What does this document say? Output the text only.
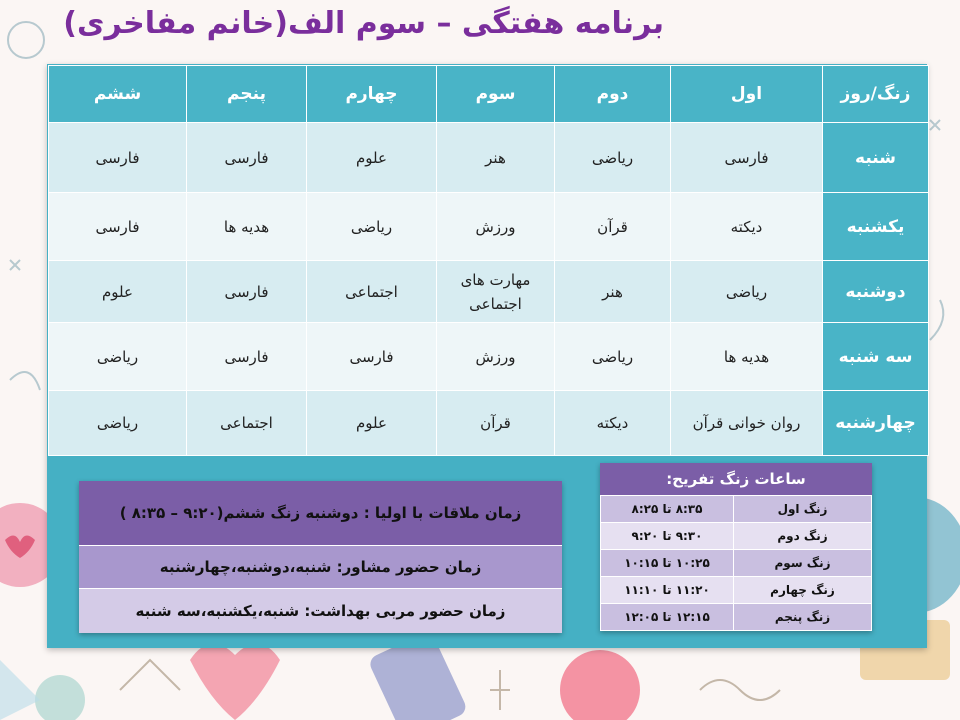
برنامه هفتگی – سوم الف(خانم مفاخری)
زنگ/روز	اول	دوم	سوم	چهارم	پنجم	ششم
شنبه	فارسی	ریاضی	هنر	علوم	فارسی	فارسی
یکشنبه	دیکته	قرآن	ورزش	ریاضی	هدیه ها	فارسی
دوشنبه	ریاضی	هنر	مهارت های اجتماعی	اجتماعی	فارسی	علوم
سه شنبه	هدیه ها	ریاضی	ورزش	فارسی	فارسی	ریاضی
چهارشنبه	روان خوانی قرآن	دیکته	قرآن	علوم	اجتماعی	ریاضی
زمان ملاقات با اولیا : دوشنبه زنگ ششم(۹:۲۰ – ۸:۳۵ )
زمان حضور مشاور: شنبه،دوشنبه،چهارشنبه
زمان حضور مربی بهداشت: شنبه،یکشنبه،سه شنبه
ساعات زنگ تفریح:
زنگ اول	۸:۳۵ تا ۸:۲۵
زنگ دوم	۹:۳۰ تا ۹:۲۰
زنگ سوم	۱۰:۲۵ تا ۱۰:۱۵
زنگ چهارم	۱۱:۲۰ تا ۱۱:۱۰
زنگ پنجم	۱۲:۱۵ تا ۱۲:۰۵
